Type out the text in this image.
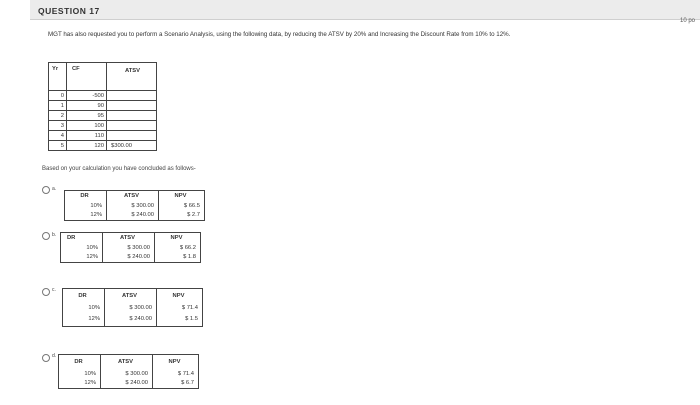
QUESTION 17
10 po
MGT has also requested you to perform a Scenario Analysis, using the following data, by reducing the ATSV by 20% and Increasing the Discount Rate from 10% to 12%.
Yr	CF	ATSV
0	-500	
1	90	
2	95	
3	100	
4	110	
5	120	$300.00
Based on your calculation you have concluded as follows-
a.
DR	ATSV	NPV
10%	$ 300.00	$ 66.5
12%	$ 240.00	$ 2.7
b. DR	ATSV	NPV
10%	$ 300.00	$ 66.2
12%	$ 240.00	$ 1.8
c.
DR	ATSV	NPV
10%	$ 300.00	$ 71.4
12%	$ 240.00	$ 1.5
d.
DR	ATSV	NPV
10%	$ 300.00	$ 71.4
12%	$ 240.00	$ 6.7
